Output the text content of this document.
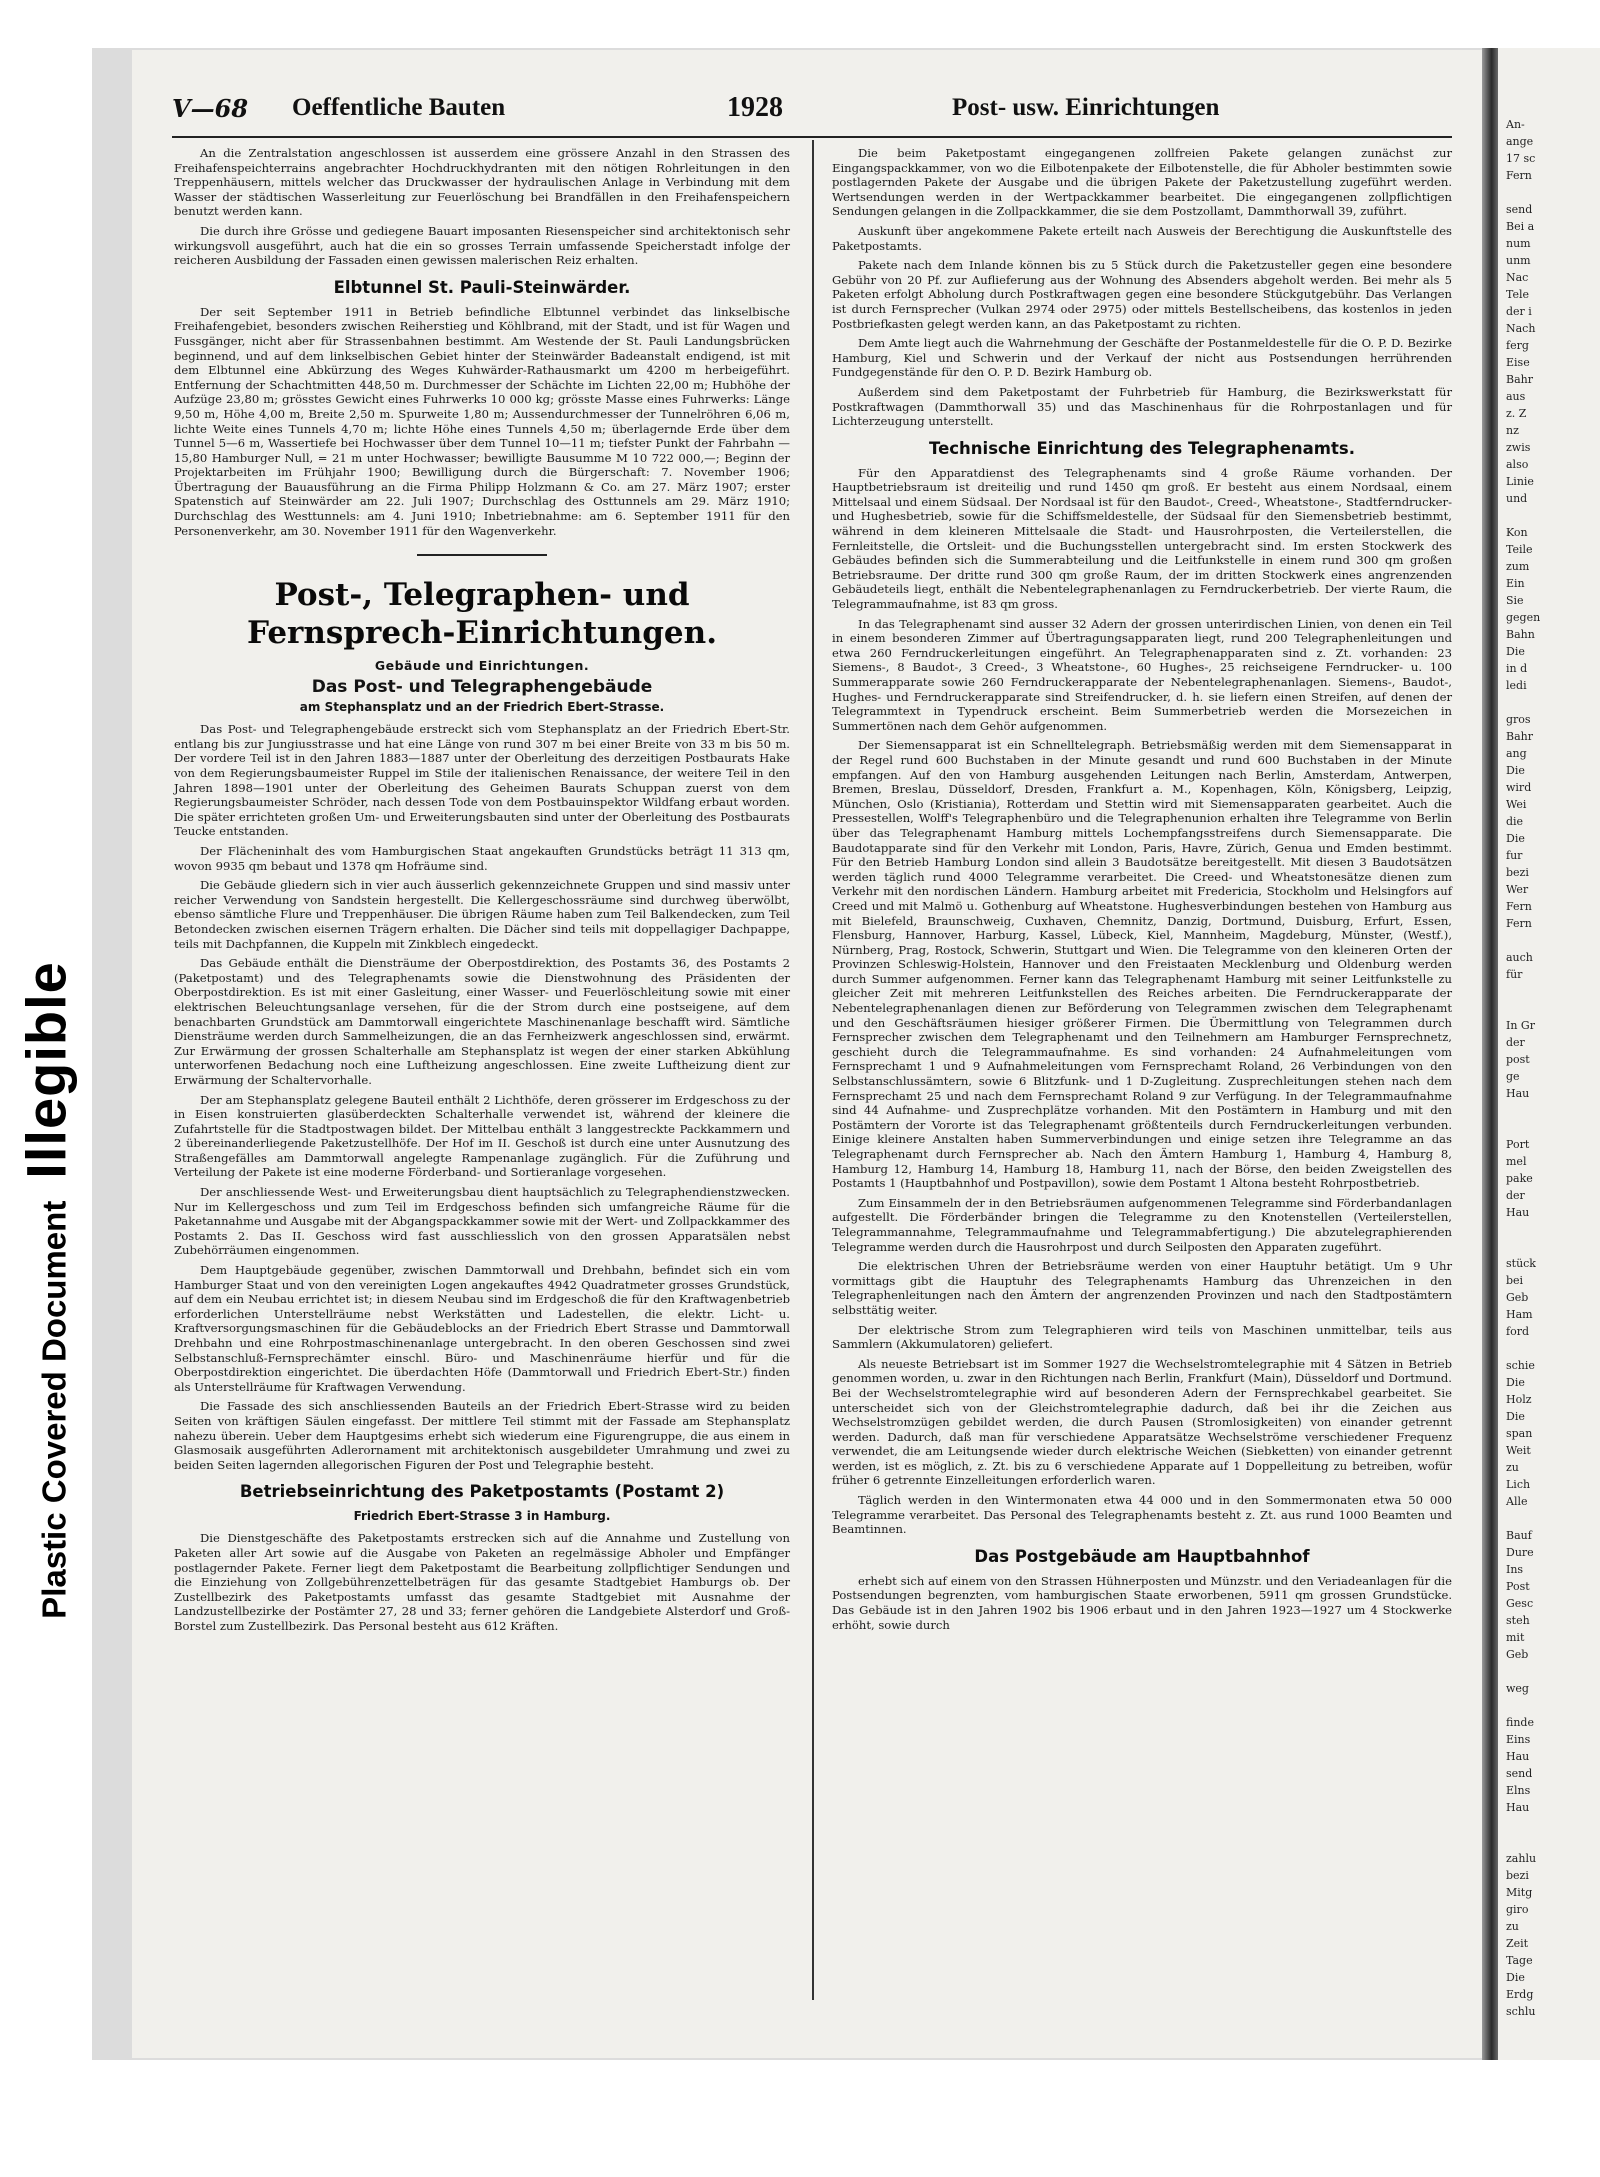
Plastic Covered DocumentIllegible
V—68 Oeffentliche Bauten	1928	Post- usw. Einrichtungen

An die Zentralstation angeschlossen ist ausserdem eine grössere Anzahl in den Strassen des Freihafenspeichterrains angebrachter Hochdruckhydranten mit den nötigen Rohrleitungen in den Treppenhäusern, mittels welcher das Druckwasser der hydraulischen Anlage in Verbindung mit dem Wasser der städtischen Wasserleitung zur Feuerlöschung bei Brandfällen in den Freihafenspeichern benutzt werden kann.

Die durch ihre Grösse und gediegene Bauart imposanten Riesenspeicher sind architektonisch sehr wirkungsvoll ausgeführt, auch hat die ein so grosses Terrain umfassende Speicherstadt infolge der reicheren Ausbildung der Fassaden einen gewissen malerischen Reiz erhalten.

Elbtunnel St. Pauli-Steinwärder.

Der seit September 1911 in Betrieb befindliche Elbtunnel verbindet das linkselbische Freihafengebiet, besonders zwischen Reiherstieg und Köhlbrand, mit der Stadt, und ist für Wagen und Fussgänger, nicht aber für Strassenbahnen bestimmt. Am Westende der St. Pauli Landungsbrücken beginnend, und auf dem linkselbischen Gebiet hinter der Steinwärder Badeanstalt endigend, ist mit dem Elbtunnel eine Abkürzung des Weges Kuhwärder-Rathausmarkt um 4200 m herbeigeführt. Entfernung der Schachtmitten 448,50 m. Durchmesser der Schächte im Lichten 22,00 m; Hubhöhe der Aufzüge 23,80 m; grösstes Gewicht eines Fuhrwerks 10 000 kg; grösste Masse eines Fuhrwerks: Länge 9,50 m, Höhe 4,00 m, Breite 2,50 m. Spurweite 1,80 m; Aussendurchmesser der Tunnelröhren 6,06 m, lichte Weite eines Tunnels 4,70 m; lichte Höhe eines Tunnels 4,50 m; überlagernde Erde über dem Tunnel 5—6 m, Wassertiefe bei Hochwasser über dem Tunnel 10—11 m; tiefster Punkt der Fahrbahn —15,80 Hamburger Null, = 21 m unter Hochwasser; bewilligte Bausumme M 10 722 000,—; Beginn der Projektarbeiten im Frühjahr 1900; Bewilligung durch die Bürgerschaft: 7. November 1906; Übertragung der Bauausführung an die Firma Philipp Holzmann & Co. am 27. März 1907; erster Spatenstich auf Steinwärder am 22. Juli 1907; Durchschlag des Osttunnels am 29. März 1910; Durchschlag des Westtunnels: am 4. Juni 1910; Inbetriebnahme: am 6. September 1911 für den Personenverkehr, am 30. November 1911 für den Wagenverkehr.

Post-, Telegraphen- und
Fernsprech-Einrichtungen.
Gebäude und Einrichtungen.
Das Post- und Telegraphengebäude
am Stephansplatz und an der Friedrich Ebert-Strasse.

Das Post- und Telegraphengebäude erstreckt sich vom Stephansplatz an der Friedrich Ebert-Str. entlang bis zur Jungiusstrasse und hat eine Länge von rund 307 m bei einer Breite von 33 m bis 50 m. Der vordere Teil ist in den Jahren 1883—1887 unter der Oberleitung des derzeitigen Postbaurats Hake von dem Regierungsbaumeister Ruppel im Stile der italienischen Renaissance, der weitere Teil in den Jahren 1898—1901 unter der Oberleitung des Geheimen Baurats Schuppan zuerst von dem Regierungsbaumeister Schröder, nach dessen Tode von dem Postbauinspektor Wildfang erbaut worden. Die später errichteten großen Um- und Erweiterungsbauten sind unter der Oberleitung des Postbaurats Teucke entstanden.

Der Flächeninhalt des vom Hamburgischen Staat angekauften Grundstücks beträgt 11 313 qm, wovon 9935 qm bebaut und 1378 qm Hofräume sind.

Die Gebäude gliedern sich in vier auch äusserlich gekennzeichnete Gruppen und sind massiv unter reicher Verwendung von Sandstein hergestellt. Die Kellergeschossräume sind durchweg überwölbt, ebenso sämtliche Flure und Treppenhäuser. Die übrigen Räume haben zum Teil Balkendecken, zum Teil Betondecken zwischen eisernen Trägern erhalten. Die Dächer sind teils mit doppellagiger Dachpappe, teils mit Dachpfannen, die Kuppeln mit Zinkblech eingedeckt.

Das Gebäude enthält die Diensträume der Oberpostdirektion, des Postamts 36, des Postamts 2 (Paketpostamt) und des Telegraphenamts sowie die Dienstwohnung des Präsidenten der Oberpostdirektion. Es ist mit einer Gasleitung, einer Wasser- und Feuerlöschleitung sowie mit einer elektrischen Beleuchtungsanlage versehen, für die der Strom durch eine postseigene, auf dem benachbarten Grundstück am Dammtorwall eingerichtete Maschinenanlage beschafft wird. Sämtliche Diensträume werden durch Sammelheizungen, die an das Fernheizwerk angeschlossen sind, erwärmt. Zur Erwärmung der grossen Schalterhalle am Stephansplatz ist wegen der einer starken Abkühlung unterworfenen Bedachung noch eine Luftheizung angeschlossen. Eine zweite Luftheizung dient zur Erwärmung der Schaltervorhalle.

Der am Stephansplatz gelegene Bauteil enthält 2 Lichthöfe, deren grösserer im Erdgeschoss zu der in Eisen konstruierten glasüberdeckten Schalterhalle verwendet ist, während der kleinere die Zufahrtstelle für die Stadtpostwagen bildet. Der Mittelbau enthält 3 langgestreckte Packkammern und 2 übereinanderliegende Paketzustellhöfe. Der Hof im II. Geschoß ist durch eine unter Ausnutzung des Straßengefälles am Dammtorwall angelegte Rampenanlage zugänglich. Für die Zuführung und Verteilung der Pakete ist eine moderne Förderband- und Sortieranlage vorgesehen.

Der anschliessende West- und Erweiterungsbau dient hauptsächlich zu Telegraphendienstzwecken. Nur im Kellergeschoss und zum Teil im Erdgeschoss befinden sich umfangreiche Räume für die Paketannahme und Ausgabe mit der Abgangspackkammer sowie mit der Wert- und Zollpackkammer des Postamts 2. Das II. Geschoss wird fast ausschliesslich von den grossen Apparatsälen nebst Zubehörräumen eingenommen.

Dem Hauptgebäude gegenüber, zwischen Dammtorwall und Drehbahn, befindet sich ein vom Hamburger Staat und von den vereinigten Logen angekauftes 4942 Quadratmeter grosses Grundstück, auf dem ein Neubau errichtet ist; in diesem Neubau sind im Erdgeschoß die für den Kraftwagenbetrieb erforderlichen Unterstellräume nebst Werkstätten und Ladestellen, die elektr. Licht- u. Kraftversorgungsmaschinen für die Gebäudeblocks an der Friedrich Ebert Strasse und Dammtorwall Drehbahn und eine Rohrpostmaschinenanlage untergebracht. In den oberen Geschossen sind zwei Selbstanschluß-Fernsprechämter einschl. Büro- und Maschinenräume hierfür und für die Oberpostdirektion eingerichtet. Die überdachten Höfe (Dammtorwall und Friedrich Ebert-Str.) finden als Unterstellräume für Kraftwagen Verwendung.

Die Fassade des sich anschliessenden Bauteils an der Friedrich Ebert-Strasse wird zu beiden Seiten von kräftigen Säulen eingefasst. Der mittlere Teil stimmt mit der Fassade am Stephansplatz nahezu überein. Ueber dem Hauptgesims erhebt sich wiederum eine Figurengruppe, die aus einem in Glasmosaik ausgeführten Adlerornament mit architektonisch ausgebildeter Umrahmung und zwei zu beiden Seiten lagernden allegorischen Figuren der Post und Telegraphie besteht.

Betriebseinrichtung des Paketpostamts (Postamt 2)
Friedrich Ebert-Strasse 3 in Hamburg.

Die Dienstgeschäfte des Paketpostamts erstrecken sich auf die Annahme und Zustellung von Paketen aller Art sowie auf die Ausgabe von Paketen an regelmässige Abholer und Empfänger postlagernder Pakete. Ferner liegt dem Paketpostamt die Bearbeitung zollpflichtiger Sendungen und die Einziehung von Zollgebührenzettelbeträgen für das gesamte Stadtgebiet Hamburgs ob. Der Zustellbezirk des Paketpostamts umfasst das gesamte Stadtgebiet mit Ausnahme der Landzustellbezirke der Postämter 27, 28 und 33; ferner gehören die Landgebiete Alsterdorf und Groß-Borstel zum Zustellbezirk. Das Personal besteht aus 612 Kräften.

Die beim Paketpostamt eingegangenen zollfreien Pakete gelangen zunächst zur Eingangspackkammer, von wo die Eilbotenpakete der Eilbotenstelle, die für Abholer bestimmten sowie postlagernden Pakete der Ausgabe und die übrigen Pakete der Paketzustellung zugeführt werden. Wertsendungen werden in der Wertpackkammer bearbeitet. Die eingegangenen zollpflichtigen Sendungen gelangen in die Zollpackkammer, die sie dem Postzollamt, Dammthorwall 39, zuführt.

Auskunft über angekommene Pakete erteilt nach Ausweis der Berechtigung die Auskunftstelle des Paketpostamts.

Pakete nach dem Inlande können bis zu 5 Stück durch die Paketzusteller gegen eine besondere Gebühr von 20 Pf. zur Auflieferung aus der Wohnung des Absenders abgeholt werden. Bei mehr als 5 Paketen erfolgt Abholung durch Postkraftwagen gegen eine besondere Stückgutgebühr. Das Verlangen ist durch Fernsprecher (Vulkan 2974 oder 2975) oder mittels Bestellscheibens, das kostenlos in jeden Postbriefkasten gelegt werden kann, an das Paketpostamt zu richten.

Dem Amte liegt auch die Wahrnehmung der Geschäfte der Postanmeldestelle für die O. P. D. Bezirke Hamburg, Kiel und Schwerin und der Verkauf der nicht aus Postsendungen herrührenden Fundgegenstände für den O. P. D. Bezirk Hamburg ob.

Außerdem sind dem Paketpostamt der Fuhrbetrieb für Hamburg, die Bezirkswerkstatt für Postkraftwagen (Dammthorwall 35) und das Maschinenhaus für die Rohrpostanlagen und für Lichterzeugung unterstellt.

Technische Einrichtung des Telegraphenamts.

Für den Apparatdienst des Telegraphenamts sind 4 große Räume vorhanden. Der Hauptbetriebsraum ist dreiteilig und rund 1450 qm groß. Er besteht aus einem Nordsaal, einem Mittelsaal und einem Südsaal. Der Nordsaal ist für den Baudot-, Creed-, Wheatstone-, Stadtferndrucker- und Hughesbetrieb, sowie für die Schiffsmeldestelle, der Südsaal für den Siemensbetrieb bestimmt, während in dem kleineren Mittelsaale die Stadt- und Hausrohrposten, die Verteilerstellen, die Fernleitstelle, die Ortsleit- und die Buchungsstellen untergebracht sind. Im ersten Stockwerk des Gebäudes befinden sich die Summerabteilung und die Leitfunkstelle in einem rund 300 qm großen Betriebsraume. Der dritte rund 300 qm große Raum, der im dritten Stockwerk eines angrenzenden Gebäudeteils liegt, enthält die Nebentelegraphenanlagen zu Ferndruckerbetrieb. Der vierte Raum, die Telegrammaufnahme, ist 83 qm gross.

In das Telegraphenamt sind ausser 32 Adern der grossen unterirdischen Linien, von denen ein Teil in einem besonderen Zimmer auf Übertragungsapparaten liegt, rund 200 Telegraphenleitungen und etwa 260 Ferndruckerleitungen eingeführt. An Telegraphenapparaten sind z. Zt. vorhanden: 23 Siemens-, 8 Baudot-, 3 Creed-, 3 Wheatstone-, 60 Hughes-, 25 reichseigene Ferndrucker- u. 100 Summerapparate sowie 260 Ferndruckerapparate der Nebentelegraphenanlagen. Siemens-, Baudot-, Hughes- und Ferndruckerapparate sind Streifendrucker, d. h. sie liefern einen Streifen, auf denen der Telegrammtext in Typendruck erscheint. Beim Summerbetrieb werden die Morsezeichen in Summertönen nach dem Gehör aufgenommen.

Der Siemensapparat ist ein Schnelltelegraph. Betriebsmäßig werden mit dem Siemensapparat in der Regel rund 600 Buchstaben in der Minute gesandt und rund 600 Buchstaben in der Minute empfangen. Auf den von Hamburg ausgehenden Leitungen nach Berlin, Amsterdam, Antwerpen, Bremen, Breslau, Düsseldorf, Dresden, Frankfurt a. M., Kopenhagen, Köln, Königsberg, Leipzig, München, Oslo (Kristiania), Rotterdam und Stettin wird mit Siemensapparaten gearbeitet. Auch die Pressestellen, Wolff's Telegraphenbüro und die Telegraphenunion erhalten ihre Telegramme von Berlin über das Telegraphenamt Hamburg mittels Lochempfangsstreifens durch Siemensapparate. Die Baudotapparate sind für den Verkehr mit London, Paris, Havre, Zürich, Genua und Emden bestimmt. Für den Betrieb Hamburg London sind allein 3 Baudotsätze bereitgestellt. Mit diesen 3 Baudotsätzen werden täglich rund 4000 Telegramme verarbeitet. Die Creed- und Wheatstonesätze dienen zum Verkehr mit den nordischen Ländern. Hamburg arbeitet mit Fredericia, Stockholm und Helsingfors auf Creed und mit Malmö u. Gothenburg auf Wheatstone. Hughesverbindungen bestehen von Hamburg aus mit Bielefeld, Braunschweig, Cuxhaven, Chemnitz, Danzig, Dortmund, Duisburg, Erfurt, Essen, Flensburg, Hannover, Harburg, Kassel, Lübeck, Kiel, Mannheim, Magdeburg, Münster, (Westf.), Nürnberg, Prag, Rostock, Schwerin, Stuttgart und Wien. Die Telegramme von den kleineren Orten der Provinzen Schleswig-Holstein, Hannover und den Freistaaten Mecklenburg und Oldenburg werden durch Summer aufgenommen. Ferner kann das Telegraphenamt Hamburg mit seiner Leitfunkstelle zu gleicher Zeit mit mehreren Leitfunkstellen des Reiches arbeiten. Die Ferndruckerapparate der Nebentelegraphenanlagen dienen zur Beförderung von Telegrammen zwischen dem Telegraphenamt und den Geschäftsräumen hiesiger größerer Firmen. Die Übermittlung von Telegrammen durch Fernsprecher zwischen dem Telegraphenamt und den Teilnehmern am Hamburger Fernsprechnetz, geschieht durch die Telegrammaufnahme. Es sind vorhanden: 24 Aufnahmeleitungen vom Fernsprechamt 1 und 9 Aufnahmeleitungen vom Fernsprechamt Roland, 26 Verbindungen von den Selbstanschlussämtern, sowie 6 Blitzfunk- und 1 D-Zugleitung. Zusprechleitungen stehen nach dem Fernsprechamt 25 und nach dem Fernsprechamt Roland 9 zur Verfügung. In der Telegrammaufnahme sind 44 Aufnahme- und Zusprechplätze vorhanden. Mit den Postämtern in Hamburg und mit den Postämtern der Vororte ist das Telegraphenamt größtenteils durch Ferndruckerleitungen verbunden. Einige kleinere Anstalten haben Summerverbindungen und einige setzen ihre Telegramme an das Telegraphenamt durch Fernsprecher ab. Nach den Ämtern Hamburg 1, Hamburg 4, Hamburg 8, Hamburg 12, Hamburg 14, Hamburg 18, Hamburg 11, nach der Börse, den beiden Zweigstellen des Postamts 1 (Hauptbahnhof und Postpavillon), sowie dem Postamt 1 Altona besteht Rohrpostbetrieb.

Zum Einsammeln der in den Betriebsräumen aufgenommenen Telegramme sind Förderbandanlagen aufgestellt. Die Förderbänder bringen die Telegramme zu den Knotenstellen (Verteilerstellen, Telegrammannahme, Telegrammaufnahme und Telegrammabfertigung.) Die abzutelegraphierenden Telegramme werden durch die Hausrohrpost und durch Seilposten den Apparaten zugeführt.

Die elektrischen Uhren der Betriebsräume werden von einer Hauptuhr betätigt. Um 9 Uhr vormittags gibt die Hauptuhr des Telegraphenamts Hamburg das Uhrenzeichen in den Telegraphenleitungen nach den Ämtern der angrenzenden Provinzen und nach den Stadtpostämtern selbsttätig weiter.

Der elektrische Strom zum Telegraphieren wird teils von Maschinen unmittelbar, teils aus Sammlern (Akkumulatoren) geliefert.

Als neueste Betriebsart ist im Sommer 1927 die Wechselstromtelegraphie mit 4 Sätzen in Betrieb genommen worden, u. zwar in den Richtungen nach Berlin, Frankfurt (Main), Düsseldorf und Dortmund. Bei der Wechselstromtelegraphie wird auf besonderen Adern der Fernsprechkabel gearbeitet. Sie unterscheidet sich von der Gleichstromtelegraphie dadurch, daß bei ihr die Zeichen aus Wechselstromzügen gebildet werden, die durch Pausen (Stromlosigkeiten) von einander getrennt werden. Dadurch, daß man für verschiedene Apparatsätze Wechselströme verschiedener Frequenz verwendet, die am Leitungsende wieder durch elektrische Weichen (Siebketten) von einander getrennt werden, ist es möglich, z. Zt. bis zu 6 verschiedene Apparate auf 1 Doppelleitung zu betreiben, wofür früher 6 getrennte Einzelleitungen erforderlich waren.

Täglich werden in den Wintermonaten etwa 44 000 und in den Sommermonaten etwa 50 000 Telegramme verarbeitet. Das Personal des Telegraphenamts besteht z. Zt. aus rund 1000 Beamten und Beamtinnen.

Das Postgebäude am Hauptbahnhof

erhebt sich auf einem von den Strassen Hühnerposten und Münzstr. und den Veriadeanlagen für die Postsendungen begrenzten, vom hamburgischen Staate erworbenen, 5911 qm grossen Grundstücke. Das Gebäude ist in den Jahren 1902 bis 1906 erbaut und in den Jahren 1923—1927 um 4 Stockwerke erhöht, sowie durch

An-
ange
17 sc
Fern
send
Bei a
num
unm
Nac
Tele
der i
Nach
ferg
Eise
Bahr
aus
z. Z
nz
zwis
also
Linie
und
Kon
Teile
zum
Ein
Sie
gegen
Bahn
Die
in d
ledi
gros
Bahr
ang
Die
wird
Wei
die
Die
fur
bezi
Wer
Fern
Fern
auch
für
In Gr
der
post
ge
Hau
Port
mel
pake
der
Hau
stück
bei
Geb
Ham
ford
schie
Die
Holz
Die
span
Weit
zu
Lich
Alle
Bauf
Dure
Ins
Post
Gesc
steh
mit
Geb
weg
finde
Eins
Hau
send
Elns
Hau
zahlu
bezi
Mitg
giro
zu
Zeit
Tage
Die
Erdg
schlu
